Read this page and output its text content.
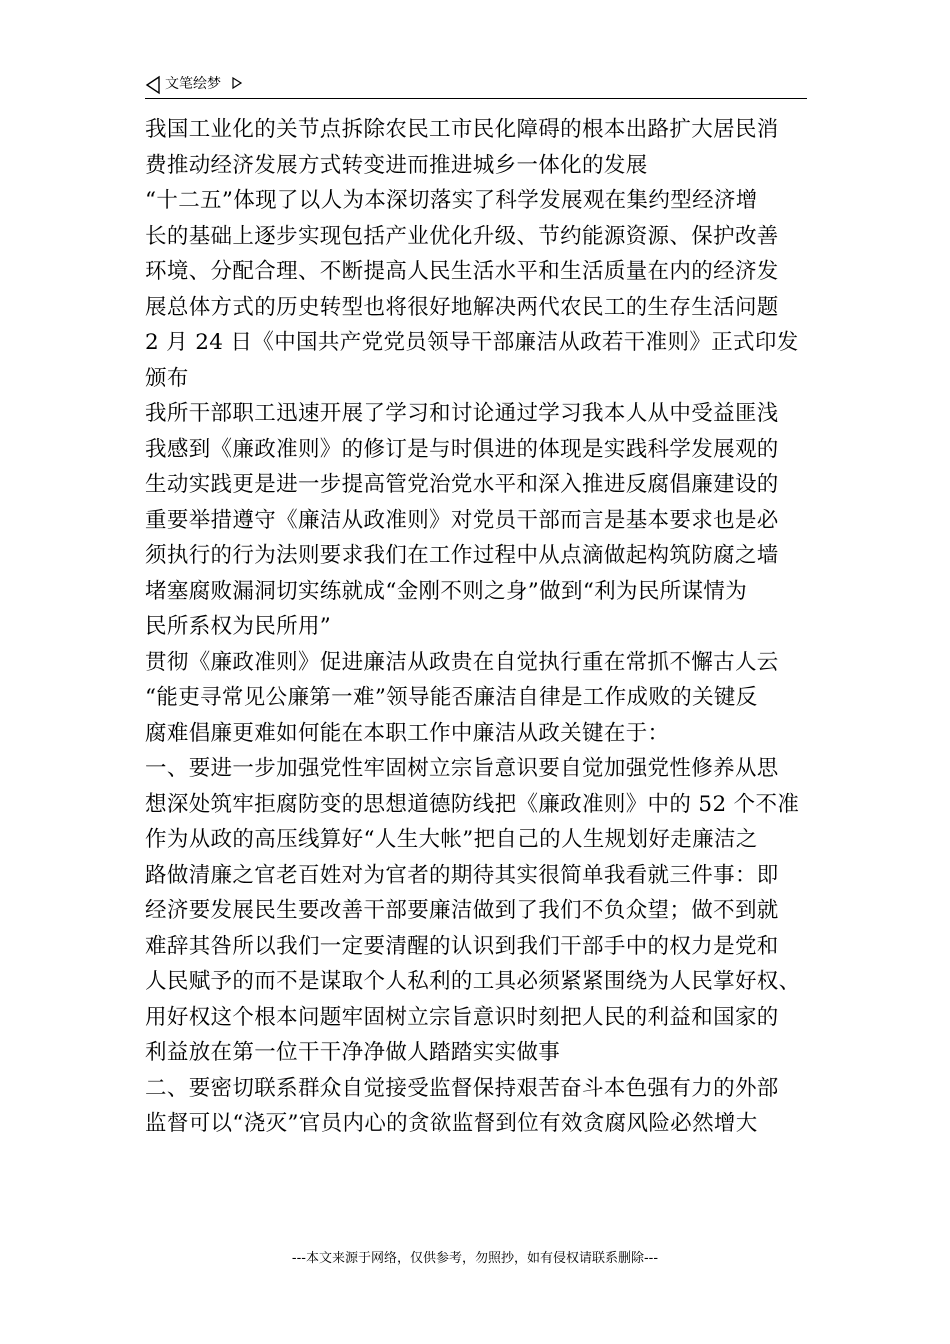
文笔绘梦
我国工业化的关节点拆除农民工市民化障碍的根本出路扩大居民消
费推动经济发展方式转变进而推进城乡一体化的发展
“十二五”体现了以人为本深切落实了科学发展观在集约型经济增
长的基础上逐步实现包括产业优化升级、节约能源资源、保护改善
环境、分配合理、不断提高人民生活水平和生活质量在内的经济发
展总体方式的历史转型也将很好地解决两代农民工的生存生活问题
2 月 24 日《中国共产党党员领导干部廉洁从政若干准则》正式印发
颁布
我所干部职工迅速开展了学习和讨论通过学习我本人从中受益匪浅
我感到《廉政准则》的修订是与时俱进的体现是实践科学发展观的
生动实践更是进一步提高管党治党水平和深入推进反腐倡廉建设的
重要举措遵守《廉洁从政准则》对党员干部而言是基本要求也是必
须执行的行为法则要求我们在工作过程中从点滴做起构筑防腐之墙
堵塞腐败漏洞切实练就成“金刚不则之身”做到“利为民所谋情为
民所系权为民所用”
贯彻《廉政准则》促进廉洁从政贵在自觉执行重在常抓不懈古人云
“能吏寻常见公廉第一难”领导能否廉洁自律是工作成败的关键反
腐难倡廉更难如何能在本职工作中廉洁从政关键在于：
一、要进一步加强党性牢固树立宗旨意识要自觉加强党性修养从思
想深处筑牢拒腐防变的思想道德防线把《廉政准则》中的 52 个不准
作为从政的高压线算好“人生大帐”把自己的人生规划好走廉洁之
路做清廉之官老百姓对为官者的期待其实很简单我看就三件事：即
经济要发展民生要改善干部要廉洁做到了我们不负众望；做不到就
难辞其咎所以我们一定要清醒的认识到我们干部手中的权力是党和
人民赋予的而不是谋取个人私利的工具必须紧紧围绕为人民掌好权、
用好权这个根本问题牢固树立宗旨意识时刻把人民的利益和国家的
利益放在第一位干干净净做人踏踏实实做事
二、要密切联系群众自觉接受监督保持艰苦奋斗本色强有力的外部
监督可以“浇灭”官员内心的贪欲监督到位有效贪腐风险必然增大
---本文来源于网络，仅供参考，勿照抄，如有侵权请联系删除---
